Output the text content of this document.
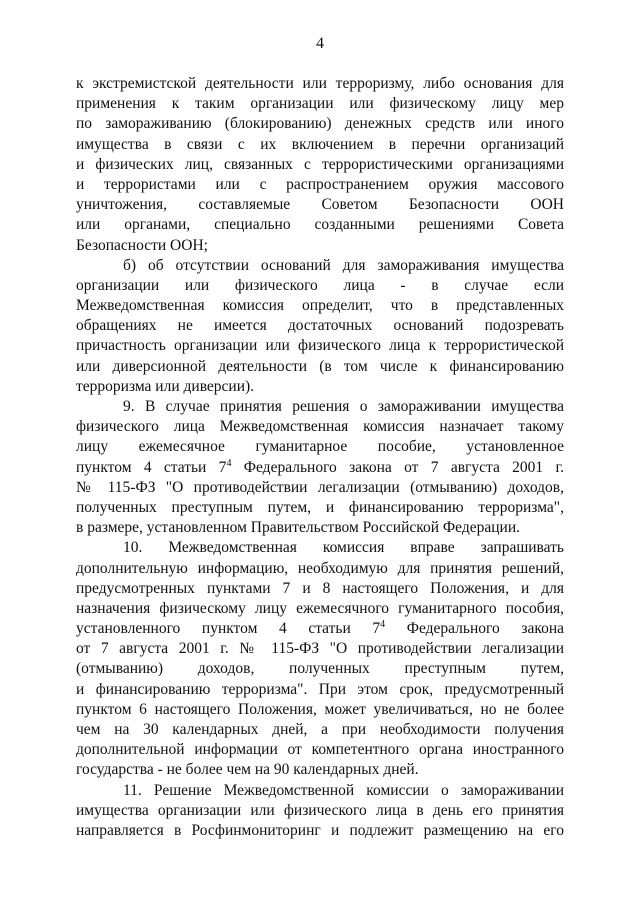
4
к экстремистской деятельности или терроризму, либо основания для
применения к таким организации или физическому лицу мер
по замораживанию (блокированию) денежных средств или иного
имущества в связи с их включением в перечни организаций
и физических лиц, связанных с террористическими организациями
и террористами или с распространением оружия массового
уничтожения, составляемые Советом Безопасности ООН
или органами, специально созданными решениями Совета
Безопасности ООН;
б) об отсутствии оснований для замораживания имущества
организации или физического лица - в случае если
Межведомственная комиссия определит, что в представленных
обращениях не имеется достаточных оснований подозревать
причастность организации или физического лица к террористической
или диверсионной деятельности (в том числе к финансированию
терроризма или диверсии).
9. В случае принятия решения о замораживании имущества
физического лица Межведомственная комиссия назначает такому
лицу ежемесячное гуманитарное пособие, установленное
пунктом 4 статьи $7^4$ Федерального закона от 7 августа 2001 г.
№ 115-ФЗ "О противодействии легализации (отмыванию) доходов,
полученных преступным путем, и финансированию терроризма",
в размере, установленном Правительством Российской Федерации.
10. Межведомственная комиссия вправе запрашивать
дополнительную информацию, необходимую для принятия решений,
предусмотренных пунктами 7 и 8 настоящего Положения, и для
назначения физическому лицу ежемесячного гуманитарного пособия,
установленного пунктом 4 статьи $7^4$ Федерального закона
от 7 августа 2001 г. № 115-ФЗ "О противодействии легализации
(отмыванию) доходов, полученных преступным путем,
и финансированию терроризма". При этом срок, предусмотренный
пунктом 6 настоящего Положения, может увеличиваться, но не более
чем на 30 календарных дней, а при необходимости получения
дополнительной информации от компетентного органа иностранного
государства - не более чем на 90 календарных дней.
11. Решение Межведомственной комиссии о замораживании
имущества организации или физического лица в день его принятия
направляется в Росфинмониторинг и подлежит размещению на его
